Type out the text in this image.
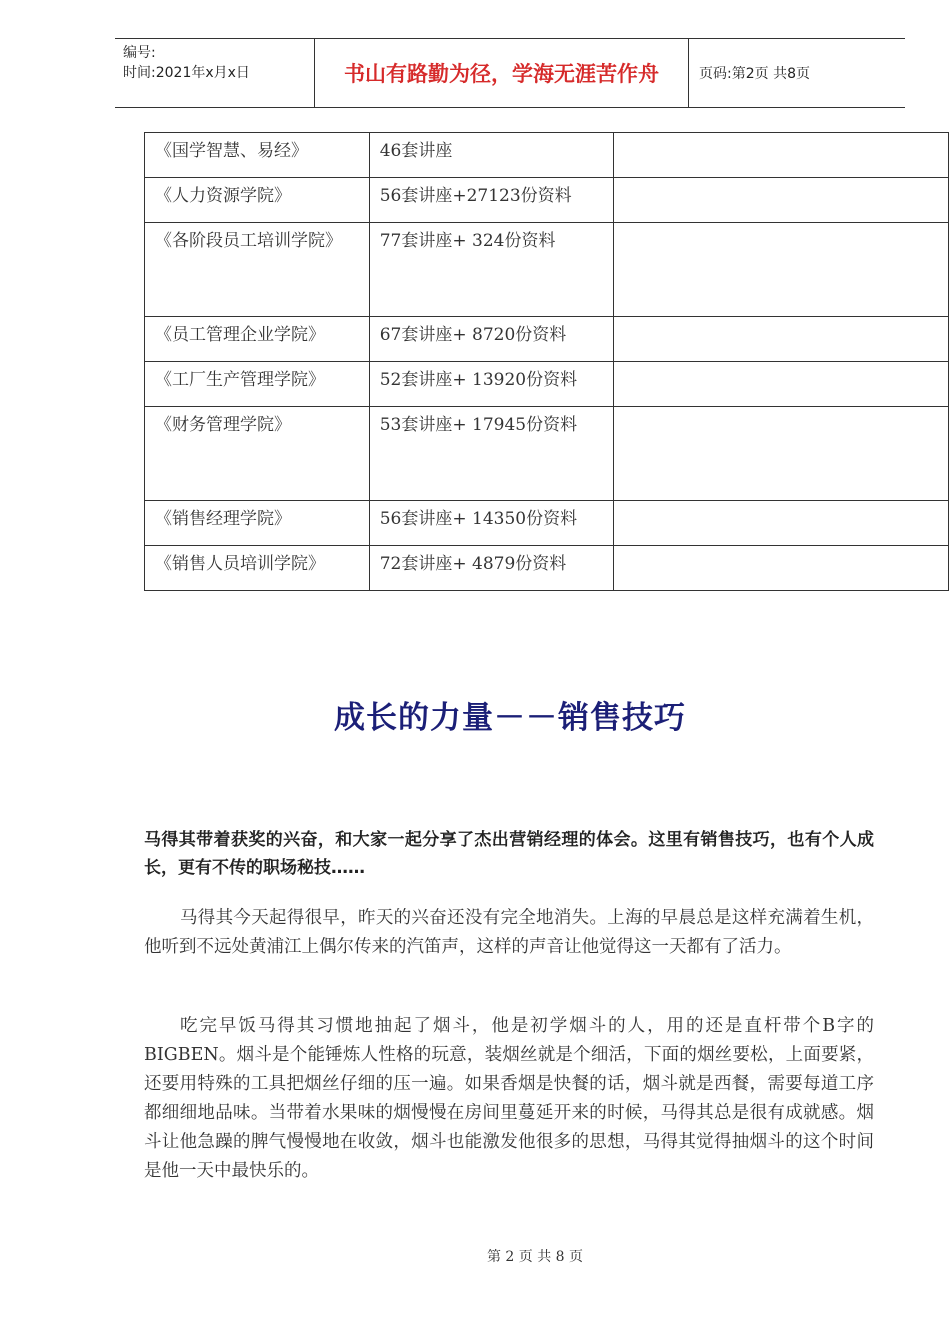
编号:
时间:2021年x月x日	书山有路勤为径，学海无涯苦作舟	页码:第2页 共8页
《国学智慧、易经》	46套讲座	

《人力资源学院》	56套讲座+27123份资料	

《各阶段员工培训学院》	77套讲座+ 324份资料	

《员工管理企业学院》	67套讲座+ 8720份资料	

《工厂生产管理学院》	52套讲座+ 13920份资料	

《财务管理学院》	53套讲座+ 17945份资料	

《销售经理学院》	56套讲座+ 14350份资料	

《销售人员培训学院》	72套讲座+ 4879份资料	

成长的力量－－销售技巧
马得其带着获奖的兴奋，和大家一起分享了杰出营销经理的体会。这里有销售技巧，也有个人成长，更有不传的职场秘技……

马得其今天起得很早，昨天的兴奋还没有完全地消失。上海的早晨总是这样充满着生机，他听到不远处黄浦江上偶尔传来的汽笛声，这样的声音让他觉得这一天都有了活力。

吃完早饭马得其习惯地抽起了烟斗，他是初学烟斗的人，用的还是直杆带个B字的BIGBEN。烟斗是个能锤炼人性格的玩意，装烟丝就是个细活，下面的烟丝要松，上面要紧，还要用特殊的工具把烟丝仔细的压一遍。如果香烟是快餐的话，烟斗就是西餐，需要每道工序都细细地品味。当带着水果味的烟慢慢在房间里蔓延开来的时候，马得其总是很有成就感。烟斗让他急躁的脾气慢慢地在收敛，烟斗也能激发他很多的思想，马得其觉得抽烟斗的这个时间是他一天中最快乐的。

第 2 页 共 8 页
